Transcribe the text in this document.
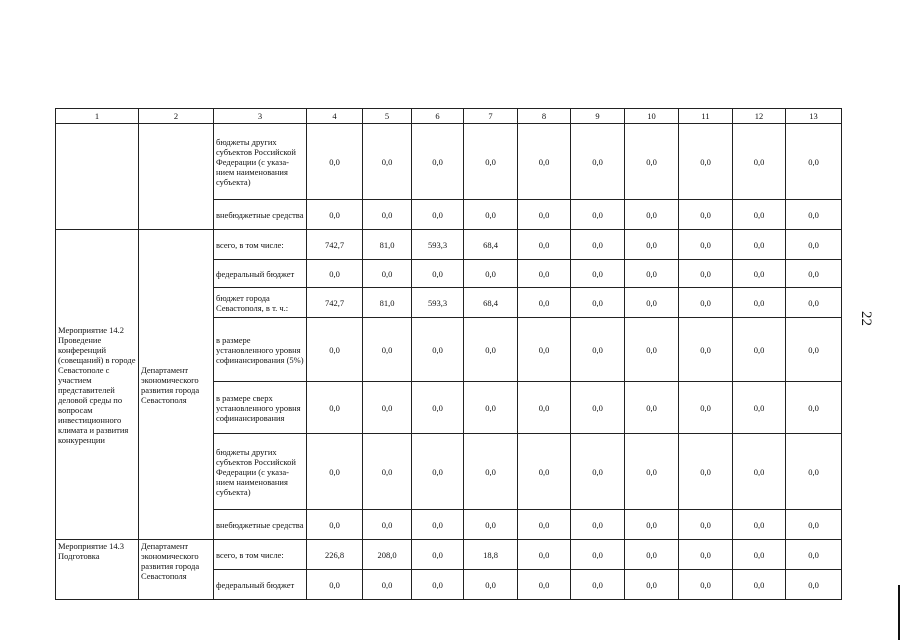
1	2	3	4	5	6	7	8	9	10	11	12	13
		бюджеты других субъектов Российской Федерации (с указа-нием наименования субъекта)	0,0	0,0	0,0	0,0	0,0	0,0	0,0	0,0	0,0	0,0
		внебюджетные средства	0,0	0,0	0,0	0,0	0,0	0,0	0,0	0,0	0,0	0,0
Мероприятие 14.2 Проведение конференций (совещаний) в городе Севастополе с участием представителей деловой среды по вопросам инвестиционного климата и развития конкуренции	Департамент экономического развития города Севастополя	всего, в том числе:	742,7	81,0	593,3	68,4	0,0	0,0	0,0	0,0	0,0	0,0
		федеральный бюджет	0,0	0,0	0,0	0,0	0,0	0,0	0,0	0,0	0,0	0,0
		бюджет города Севастополя, в т. ч.:	742,7	81,0	593,3	68,4	0,0	0,0	0,0	0,0	0,0	0,0
		в размере установленного уровня софинансирования (5%)	0,0	0,0	0,0	0,0	0,0	0,0	0,0	0,0	0,0	0,0
		в размере сверх установленного уровня софинансирования	0,0	0,0	0,0	0,0	0,0	0,0	0,0	0,0	0,0	0,0
		бюджеты других субъектов Российской Федерации (с указа-нием наименования субъекта)	0,0	0,0	0,0	0,0	0,0	0,0	0,0	0,0	0,0	0,0
		внебюджетные средства	0,0	0,0	0,0	0,0	0,0	0,0	0,0	0,0	0,0	0,0
Мероприятие 14.3 Подготовка	Департамент экономического развития города Севастополя	всего, в том числе:	226,8	208,0	0,0	18,8	0,0	0,0	0,0	0,0	0,0	0,0
		федеральный бюджет	0,0	0,0	0,0	0,0	0,0	0,0	0,0	0,0	0,0	0,0
22
